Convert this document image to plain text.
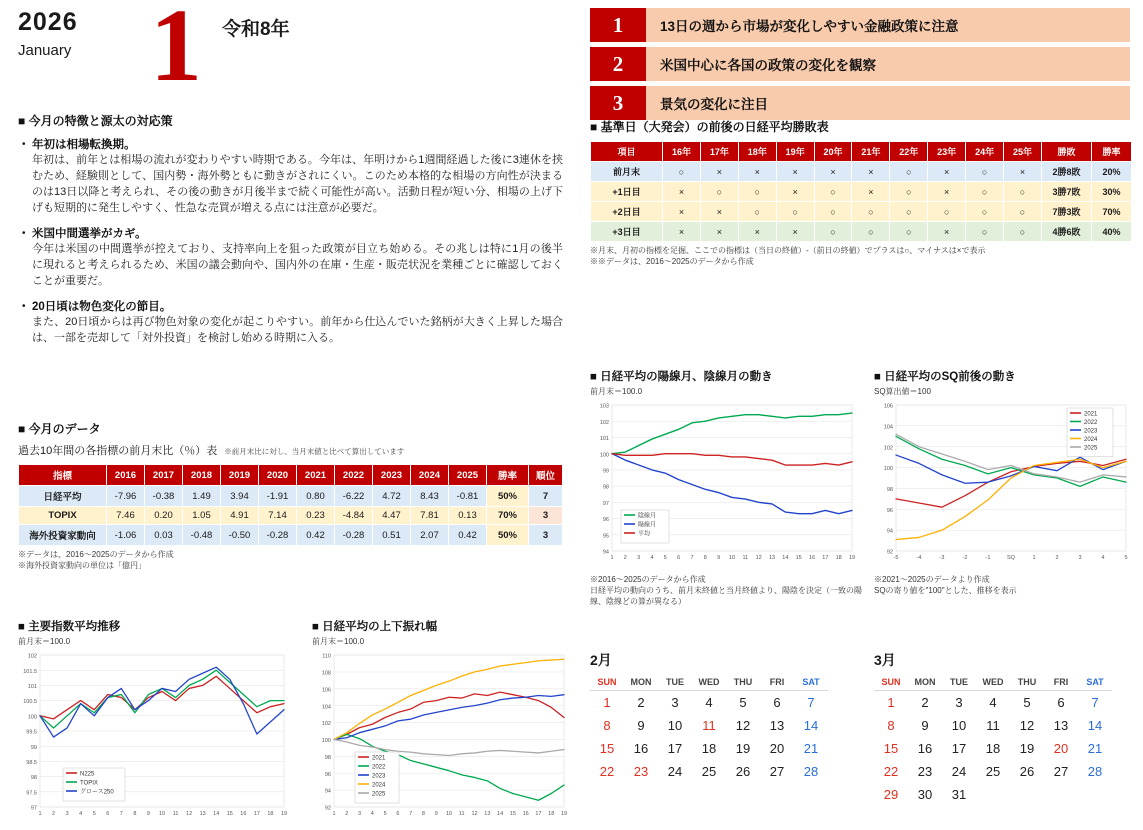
2026
January 1 令和8年
■ 今月の特徴と源太の対応策
・ 年初は相場転換期。
年初は、前年とは相場の流れが変わりやすい時期である。今年は、年明けから1週間経過した後に3連休を挟むため、経験則として、国内勢・海外勢ともに動きがされにくい。このため本格的な相場の方向性が決まるのは13日以降と考えられ、その後の動きが月後半まで続く可能性が高い。活動日程が短い分、相場の上げ下げも短期的に発生しやすく、性急な売買が増える点には注意が必要だ。
・ 米国中間選挙がカギ。
今年は米国の中間選挙が控えており、支持率向上を狙った政策が目立ち始める。その兆しは特に1月の後半に現れると考えられるため、米国の議会動向や、国内外の在庫・生産・販売状況を業種ごとに確認しておくことが重要だ。
・ 20日頃は物色変化の節目。
また、20日頃からは再び物色対象の変化が起こりやすい。前年から仕込んでいた銘柄が大きく上昇した場合は、一部を売却して「対外投資」を検討し始める時期に入る。
■ 今月のデータ
過去10年間の各指標の前月末比（％）表 ※前月末比に対し、当月末値と比べて算出しています
指標	2016	2017	2018	2019	2020	2021	2022	2023	2024	2025	勝率	順位
日経平均	-7.96	-0.38	1.49	3.94	-1.91	0.80	-6.22	4.72	8.43	-0.81	50%	7
TOPIX	7.46	0.20	1.05	4.91	7.14	0.23	-4.84	4.47	7.81	0.13	70%	3
海外投資家動向	-1.06	0.03	-0.48	-0.50	-0.28	0.42	-0.28	0.51	2.07	0.42	50%	3
※データは、2016～2025のデータから作成
※海外投資家動向の単位は「億円」
■ 主要指数平均推移
前月末＝100.0
97
97.5
98
98.5
99
99.5
100
100.5
101
101.5
102
1 2 3 4 5 6 7 8 9 10 11 12 13 14 15 16 17 18 19
N225
TOPIX
グロース250
■ 日経平均の上下振れ幅
前月末＝100.0
92
94
96
98
100
102
104
106
108
110
1 2 3 4 5 6 7 8 9 10 11 12 13 14 15 16 17 18 19
2021
2022
2023
2024
2025
1	13日の週から市場が変化しやすい金融政策に注意
2	米国中心に各国の政策の変化を観察
3	景気の変化に注目
■ 基準日（大発会）の前後の日経平均勝敗表
項目	16年	17年	18年	19年	20年	21年	22年	23年	24年	25年	勝敗	勝率
前月末	○	×	×	×	×	×	○	×	○	×	2勝8敗	20%
+1日目	×	○	○	×	○	×	○	×	○	○	3勝7敗	30%
+2日目	×	×	○	○	○	○	○	○	○	○	7勝3敗	70%
+3日目	×	×	×	×	○	○	○	×	○	○	4勝6敗	40%
※月末、月初の指標を足掘、ここでの指標は（当日の終値）-（前日の終値）でプラスは○、マイナスは×で表示
※※データは、2016～2025のデータから作成
■ 日経平均の陽線月、陰線月の動き
前月末＝100.0
94
95
96
97
98
99
100
101
102
103
1 2 3 4 5 6 7 8 9 10 11 12 13 14 15 16 17 18 19
陰線月
陽線月
平均
※2016～2025のデータから作成
日経平均の動向のうち、前月末終値と当月終値より、陽陰を決定（一致の陽線、陰線どの算が異なる）
■ 日経平均のSQ前後の動き
SQ算出値＝100
92
94
96
98
100
102
104
106
-5	-4	-3	-2	-1	SQ	1	2	3	4	5
2021
2022
2023
2024
2025
※2021～2025のデータより作成
SQの寄り値を"100"とした、推移を表示
2月
SUN	MON	TUE	WED	THU	FRI	SAT
1	2	3	4	5	6	7
8	9	10	11	12	13	14
15	16	17	18	19	20	21
22	23	24	25	26	27	28
3月
SUN	MON	TUE	WED	THU	FRI	SAT
1	2	3	4	5	6	7
8	9	10	11	12	13	14
15	16	17	18	19	20	21
22	23	24	25	26	27	28
29	30	31				
